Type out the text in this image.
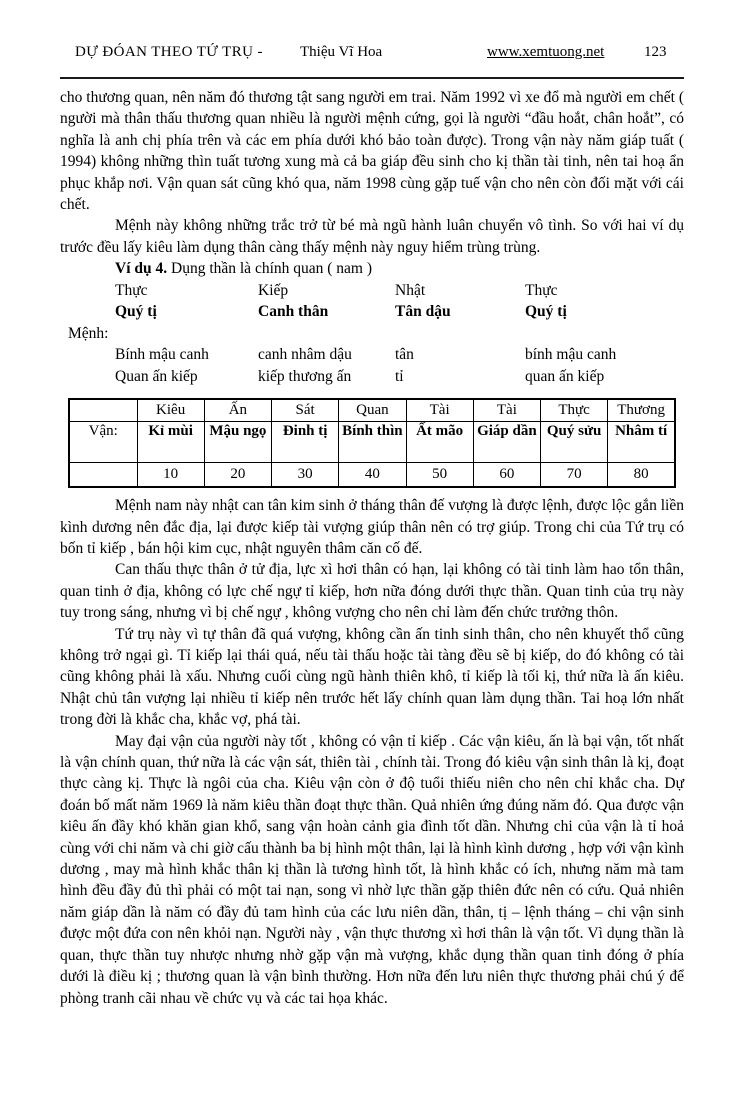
DỰ ĐÓAN THEO TỨ TRỤ - Thiệu Vĩ Hoa	www.xemtuong.net	123

cho thương quan, nên năm đó thương tật sang người em trai. Năm 1992 vì xe đổ mà người em chết ( người mà thân thấu thương quan nhiều là người mệnh cứng, gọi là người “đầu hoắt, chân hoắt”, có nghĩa là anh chị phía trên và các em phía dưới khó bảo toàn được). Trong vận này năm giáp tuất ( 1994) không những thìn tuất tương xung mà cả ba giáp đều sinh cho kị thần tài tinh, nên tai hoạ ẩn phục khắp nơi. Vận quan sát cũng khó qua, năm 1998 cùng gặp tuế vận cho nên còn đối mặt với cái chết.

Mệnh này không những trắc trở từ bé mà ngũ hành luân chuyển vô tình. So với hai ví dụ trước đều lấy kiêu làm dụng thân càng thấy mệnh này nguy hiểm trùng trùng.

Ví dụ 4. Dụng thần là chính quan ( nam )

Thực	Kiếp	Nhật	Thực
Quý tị	Canh thân	Tân dậu	Quý tị
Mệnh:
Bính mậu canh	canh nhâm dậu	tân	bính mậu canh
Quan ấn kiếp	kiếp thương ấn	tỉ	quan ấn kiếp
	Kiêu	Ấn	Sát	Quan	Tài	Tài	Thực	Thương
Vận:	Kỉ mùi	Mậu ngọ	Đinh tị	Bính thìn	Ất mão	Giáp dần	Quý sửu	Nhâm tí
	10	20	30	40	50	60	70	80

Mệnh nam này nhật can tân kim sinh ở tháng thân đế vượng là được lệnh, được lộc gắn liền kình dương nên đắc địa, lại được kiếp tài vượng giúp thân nên có trợ giúp. Trong chi của Tứ trụ có bốn tỉ kiếp , bán hội kim cục, nhật nguyên thâm căn cố đế.

Can thấu thực thân ở tử địa, lực xì hơi thân có hạn, lại không có tài tinh làm hao tổn thân, quan tinh ở địa, không có lực chế ngự tỉ kiếp, hơn nữa đóng dưới thực thần. Quan tinh của trụ này tuy trong sáng, nhưng vì bị chế ngự , không vượng cho nên chỉ làm đến chức trưởng thôn.

Tứ trụ này vì tự thân đã quá vượng, không cần ấn tinh sinh thân, cho nên khuyết thổ cũng không trở ngại gì. Tỉ kiếp lại thái quá, nếu tài thấu hoặc tài tàng đều sẽ bị kiếp, do đó không có tài cũng không phải là xấu. Nhưng cuối cùng ngũ hành thiên khô, tỉ kiếp là tối kị, thứ nữa là ấn kiêu. Nhật chủ tân vượng lại nhiều tỉ kiếp nên trước hết lấy chính quan làm dụng thần. Tai hoạ lớn nhất trong đời là khắc cha, khắc vợ, phá tài.

May đại vận của người này tốt , không có vận tỉ kiếp . Các vận kiêu, ấn là bại vận, tốt nhất là vận chính quan, thứ nữa là các vận sát, thiên tài , chính tài. Trong đó kiêu vận sinh thân là kị, đoạt thực càng kị. Thực là ngôi của cha. Kiêu vận còn ở độ tuổi thiếu niên cho nên chỉ khắc cha. Dự đoán bố mất năm 1969 là năm kiêu thần đoạt thực thần. Quả nhiên ứng đúng năm đó. Qua được vận kiêu ấn đầy khó khăn gian khổ, sang vận hoàn cảnh gia đình tốt dần. Nhưng chi của vận là tỉ hoả cùng với chi năm và chi giờ cấu thành ba bị hình một thân, lại là hình kình dương , hợp với vận kình dương , may mà hình khắc thân kị thần là tương hình tốt, là hình khắc có ích, nhưng năm mà tam hình đều đầy đủ thì phải có một tai nạn, song vì nhờ lực thần gặp thiên đức nên có cứu. Quả nhiên năm giáp dần là năm có đầy đủ tam hình của các lưu niên dần, thân, tị – lệnh tháng – chi vận sinh được một đứa con nên khỏi nạn. Người này , vận thực thương xì hơi thân là vận tốt. Vì dụng thần là quan, thực thần tuy nhược nhưng nhờ gặp vận mà vượng, khắc dụng thần quan tinh đóng ở phía dưới là điều kị ; thương quan là vận bình thường. Hơn nữa đến lưu niên thực thương phải chú ý để phòng tranh cãi nhau về chức vụ và các tai họa khác.
